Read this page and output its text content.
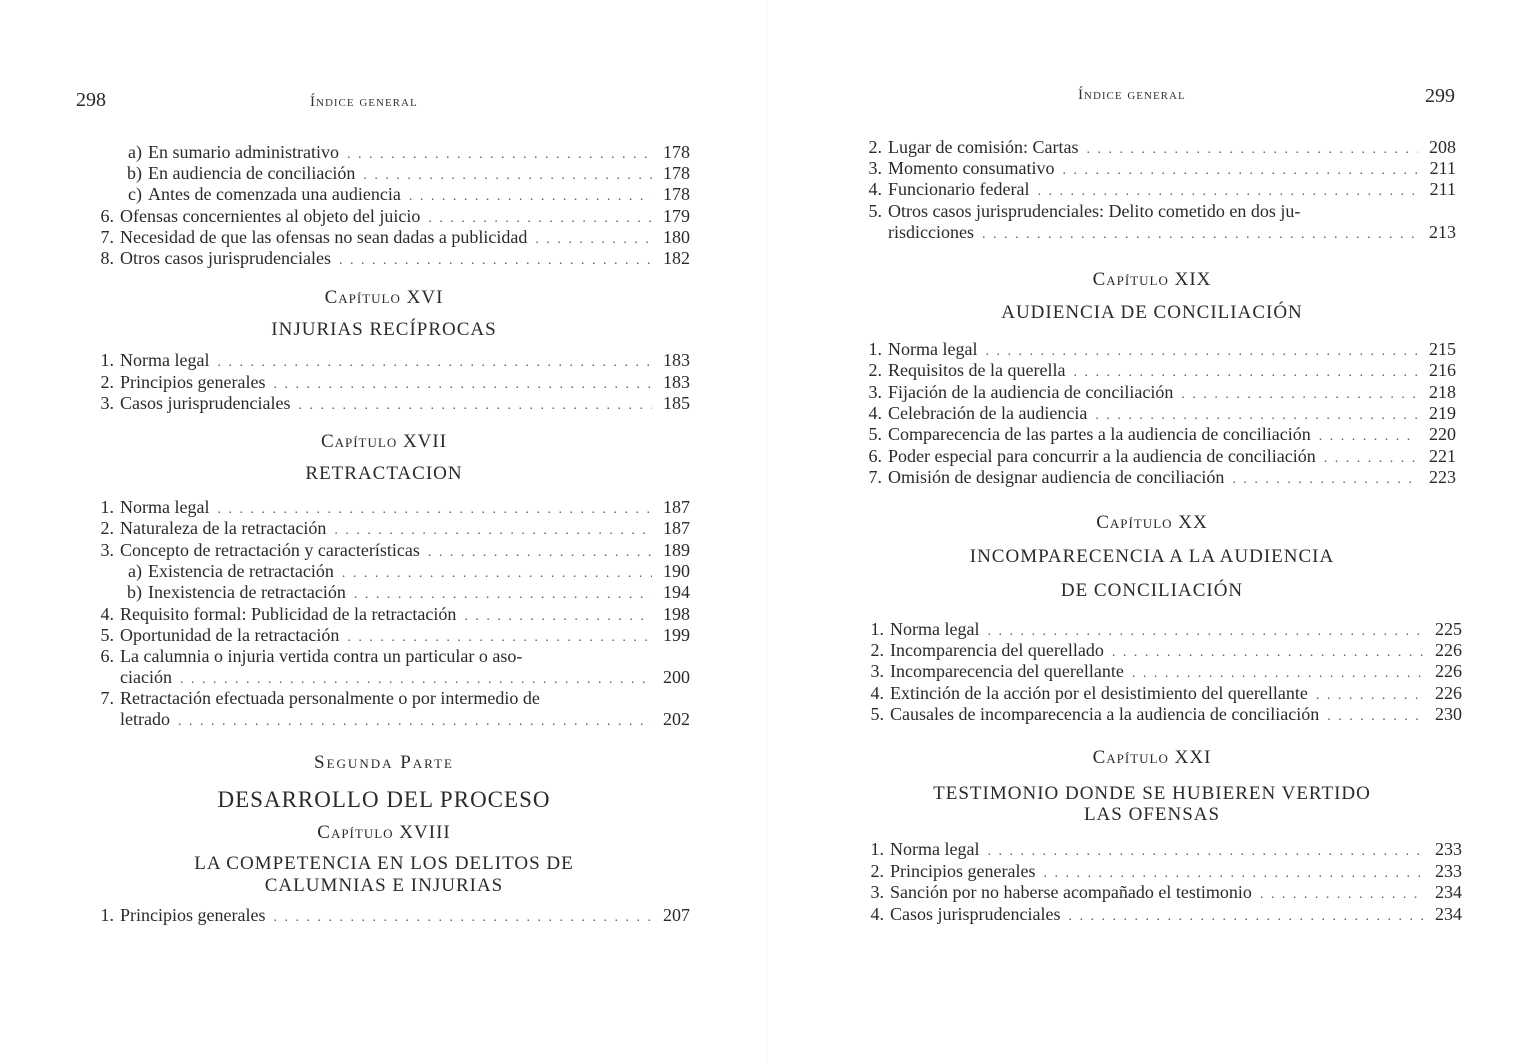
298	Índice general
a) En sumario administrativo . . .	178
b) En audiencia de conciliación . . .	178
c) Antes de comenzada una audiencia . . .	178
6. Ofensas concernientes al objeto del juicio . . .	179
7. Necesidad de que las ofensas no sean dadas a publicidad . . .	180
8. Otros casos jurisprudenciales . . .	182
Capítulo XVI
INJURIAS RECÍPROCAS
1. Norma legal . . .	183
2. Principios generales . . .	183
3. Casos jurisprudenciales . . .	185
Capítulo XVII
RETRACTACION
1. Norma legal . . .	187
2. Naturaleza de la retractación . . .	187
3. Concepto de retractación y características . . .	189
a) Existencia de retractación . . .	190
b) Inexistencia de retractación . . .	194
4. Requisito formal: Publicidad de la retractación . . .	198
5. Oportunidad de la retractación . . .	199
6. La calumnia o injuria vertida contra un particular o aso-
ciación . . .	200
7. Retractación efectuada personalmente o por intermedio de
letrado . . .	202
Segunda Parte
DESARROLLO DEL PROCESO
Capítulo XVIII
LA COMPETENCIA EN LOS DELITOS DE
CALUMNIAS E INJURIAS
1. Principios generales . . .	207
Índice general	299
2. Lugar de comisión: Cartas . . .	208
3. Momento consumativo . . .	211
4. Funcionario federal . . .	211
5. Otros casos jurisprudenciales: Delito cometido en dos ju-
risdicciones . . .	213
Capítulo XIX
AUDIENCIA DE CONCILIACIÓN
1. Norma legal . . .	215
2. Requisitos de la querella . . .	216
3. Fijación de la audiencia de conciliación . . .	218
4. Celebración de la audiencia . . .	219
5. Comparecencia de las partes a la audiencia de conciliación . . .	220
6. Poder especial para concurrir a la audiencia de conciliación . . .	221
7. Omisión de designar audiencia de conciliación . . .	223
Capítulo XX
INCOMPARECENCIA A LA AUDIENCIA
DE CONCILIACIÓN
1. Norma legal . . .	225
2. Incomparencia del querellado . . .	226
3. Incomparecencia del querellante . . .	226
4. Extinción de la acción por el desistimiento del querellante . . .	226
5. Causales de incomparecencia a la audiencia de conciliación . . .	230
Capítulo XXI
TESTIMONIO DONDE SE HUBIEREN VERTIDO
LAS OFENSAS
1. Norma legal . . .	233
2. Principios generales . . .	233
3. Sanción por no haberse acompañado el testimonio . . .	234
4. Casos jurisprudenciales . . .	234
